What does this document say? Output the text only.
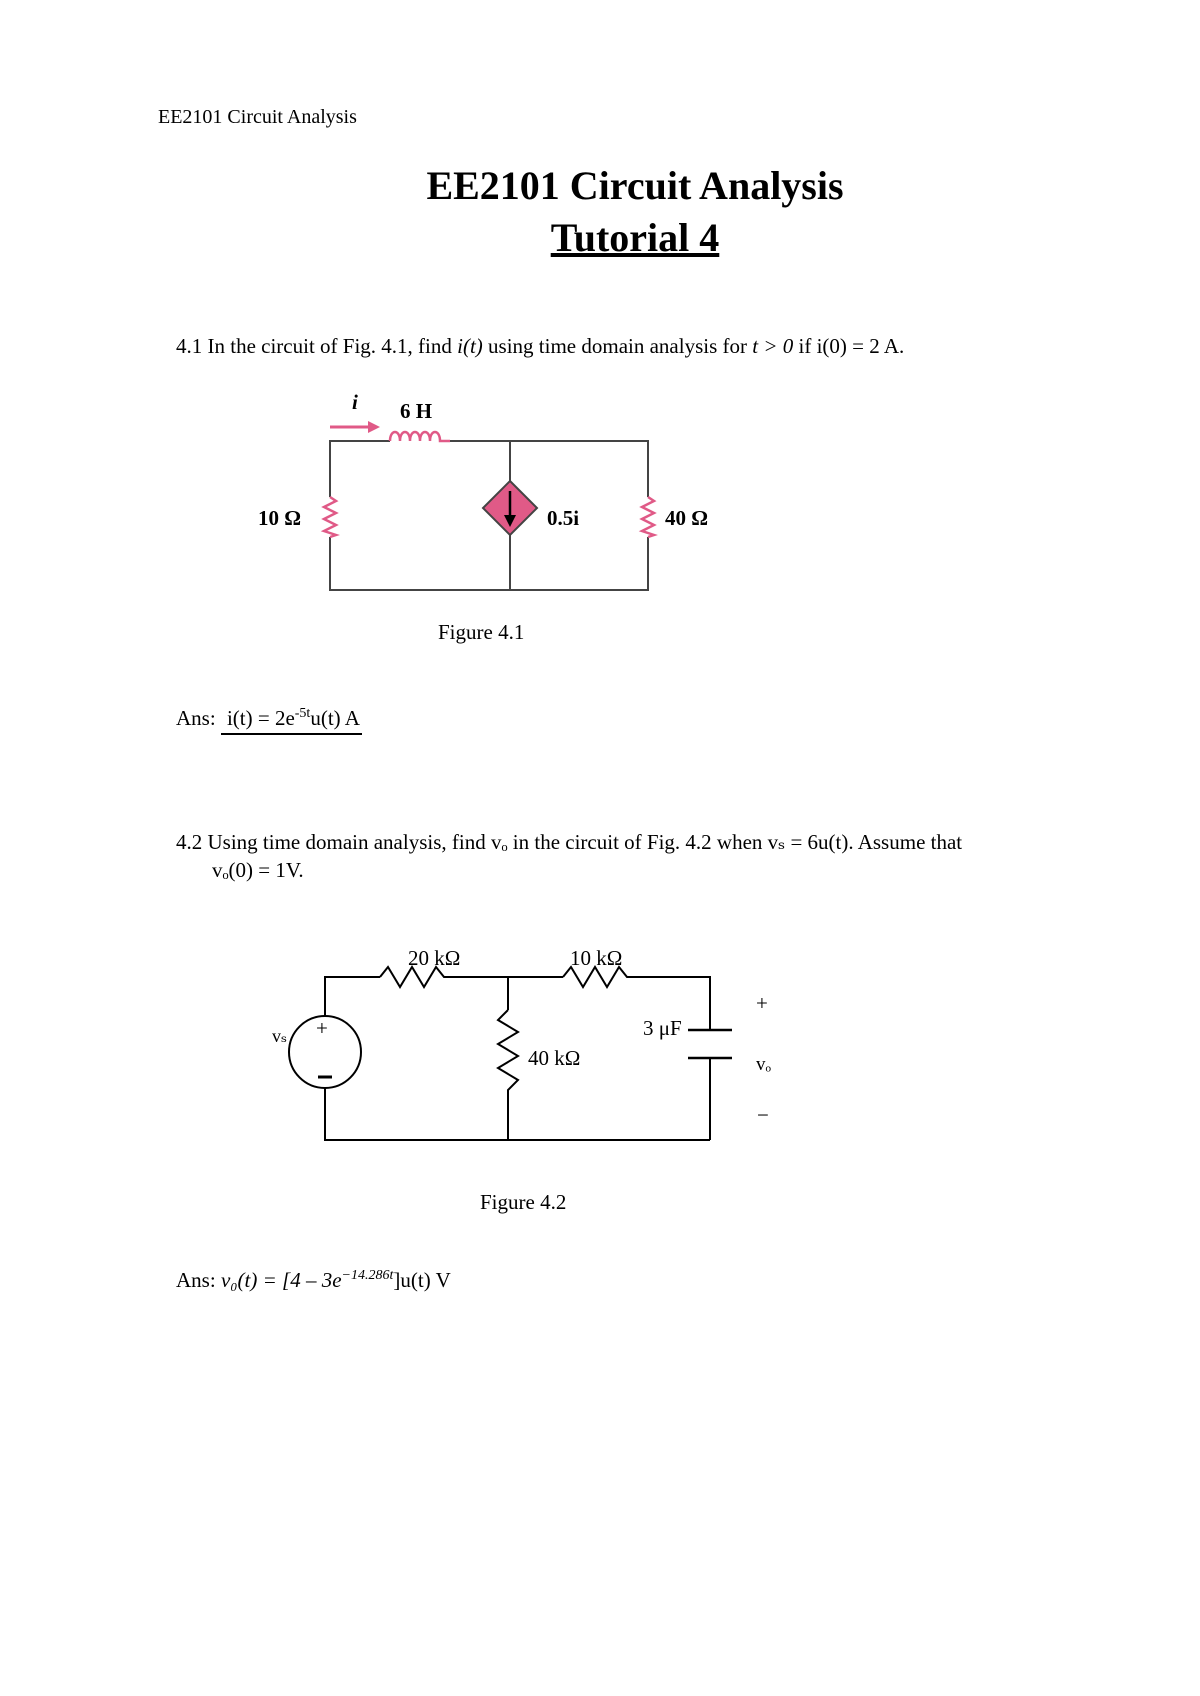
EE2101 Circuit Analysis
EE2101 Circuit Analysis
Tutorial 4
4.1 In the circuit of Fig. 4.1, find i(t) using time domain analysis for t > 0 if i(0) = 2 A.
i 6 H
10 Ω	0.5i	40 Ω
Figure 4.1
Ans: $i(t) = 2e^{-5t}u(t)$ A
4.2 Using time domain analysis, find vₒ in the circuit of Fig. 4.2 when vₛ = 6u(t). Assume that
vₒ(0) = 1V.
20 kΩ	10 kΩ
40 kΩ
3 μF
+
vₛ
+
vₒ
−
Figure 4.2
Ans: $v_0(t) = [4 - 3e^{-14.286t}]u(t)$ V
